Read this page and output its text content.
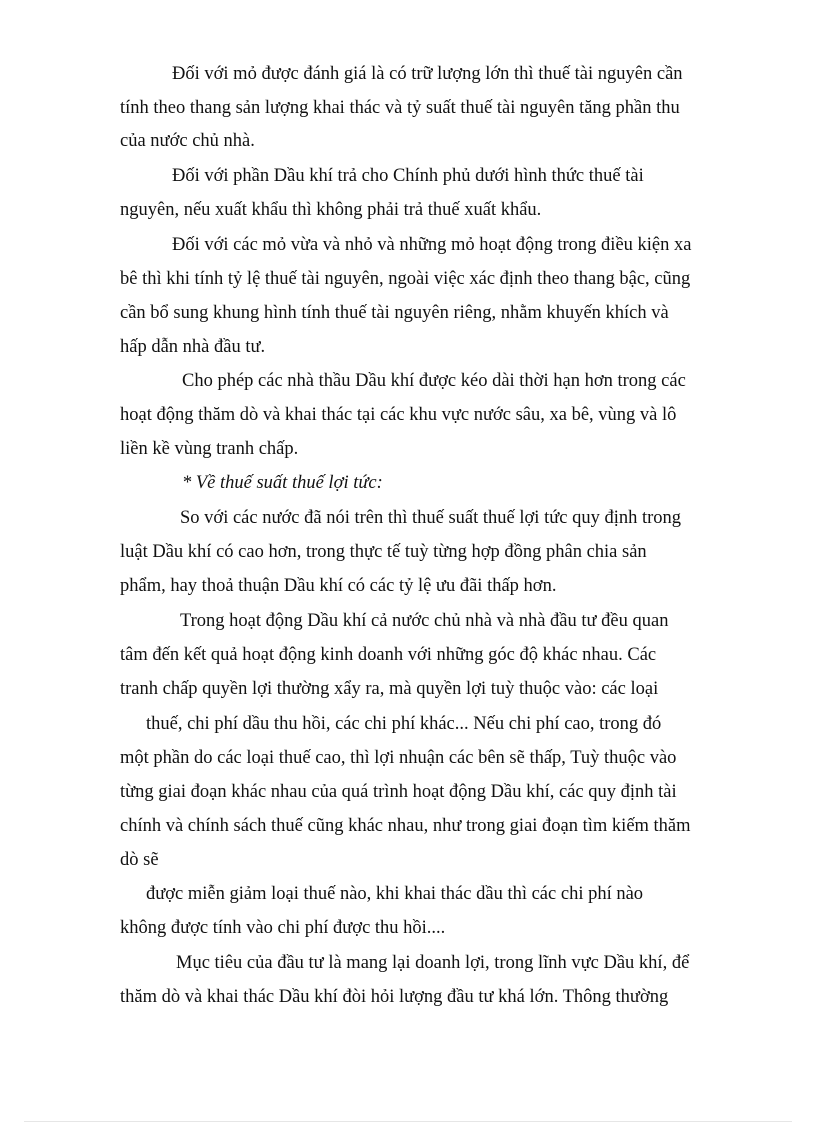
Đối với mỏ được đánh giá là có trữ lượng lớn thì thuế tài nguyên cần
tính theo thang sản lượng khai thác và tỷ suất thuế tài nguyên tăng phần thu
của nước chủ nhà.
Đối với phần Dầu khí trả cho Chính phủ dưới hình thức thuế tài
nguyên, nếu xuất khẩu thì không phải trả thuế xuất khẩu.
Đối với các mỏ vừa và nhỏ và những mỏ hoạt động trong điều kiện xa
bê thì khi tính tỷ lệ thuế tài nguyên, ngoài việc xác định theo thang bậc, cũng
cần bổ sung khung hình tính thuế tài nguyên riêng, nhằm khuyến khích và
hấp dẫn nhà đầu tư.
Cho phép các nhà thầu Dầu khí được kéo dài thời hạn hơn trong các
hoạt động thăm dò và khai thác tại các khu vực nước sâu, xa bê, vùng và lô
liền kề vùng tranh chấp.
* Về thuế suất thuế lợi tức:
So với các nước đã nói trên thì thuế suất thuế lợi tức quy định trong
luật Dầu khí có cao hơn, trong thực tế tuỳ từng hợp đồng phân chia sản
phẩm, hay thoả thuận Dầu khí có các tỷ lệ ưu đãi thấp hơn.
Trong hoạt động Dầu khí cả nước chủ nhà và nhà đầu tư đều quan
tâm đến kết quả hoạt động kinh doanh với những góc độ khác nhau. Các
tranh chấp quyền lợi thường xẩy ra, mà quyền lợi tuỳ thuộc vào: các loại
thuế, chi phí dầu thu hồi, các chi phí khác... Nếu chi phí cao, trong đó
một phần do các loại thuế cao, thì lợi nhuận các bên sẽ thấp, Tuỳ thuộc vào
từng giai đoạn khác nhau của quá trình hoạt động Dầu khí, các quy định tài
chính và chính sách thuế cũng khác nhau, như trong giai đoạn tìm kiếm thăm
dò sẽ
được miễn giảm loại thuế nào, khi khai thác dầu thì các chi phí nào
không được tính vào chi phí được thu hồi....
Mục tiêu của đầu tư là mang lại doanh lợi, trong lĩnh vực Dầu khí, để
thăm dò và khai thác Dầu khí đòi hỏi lượng đầu tư khá lớn. Thông thường
